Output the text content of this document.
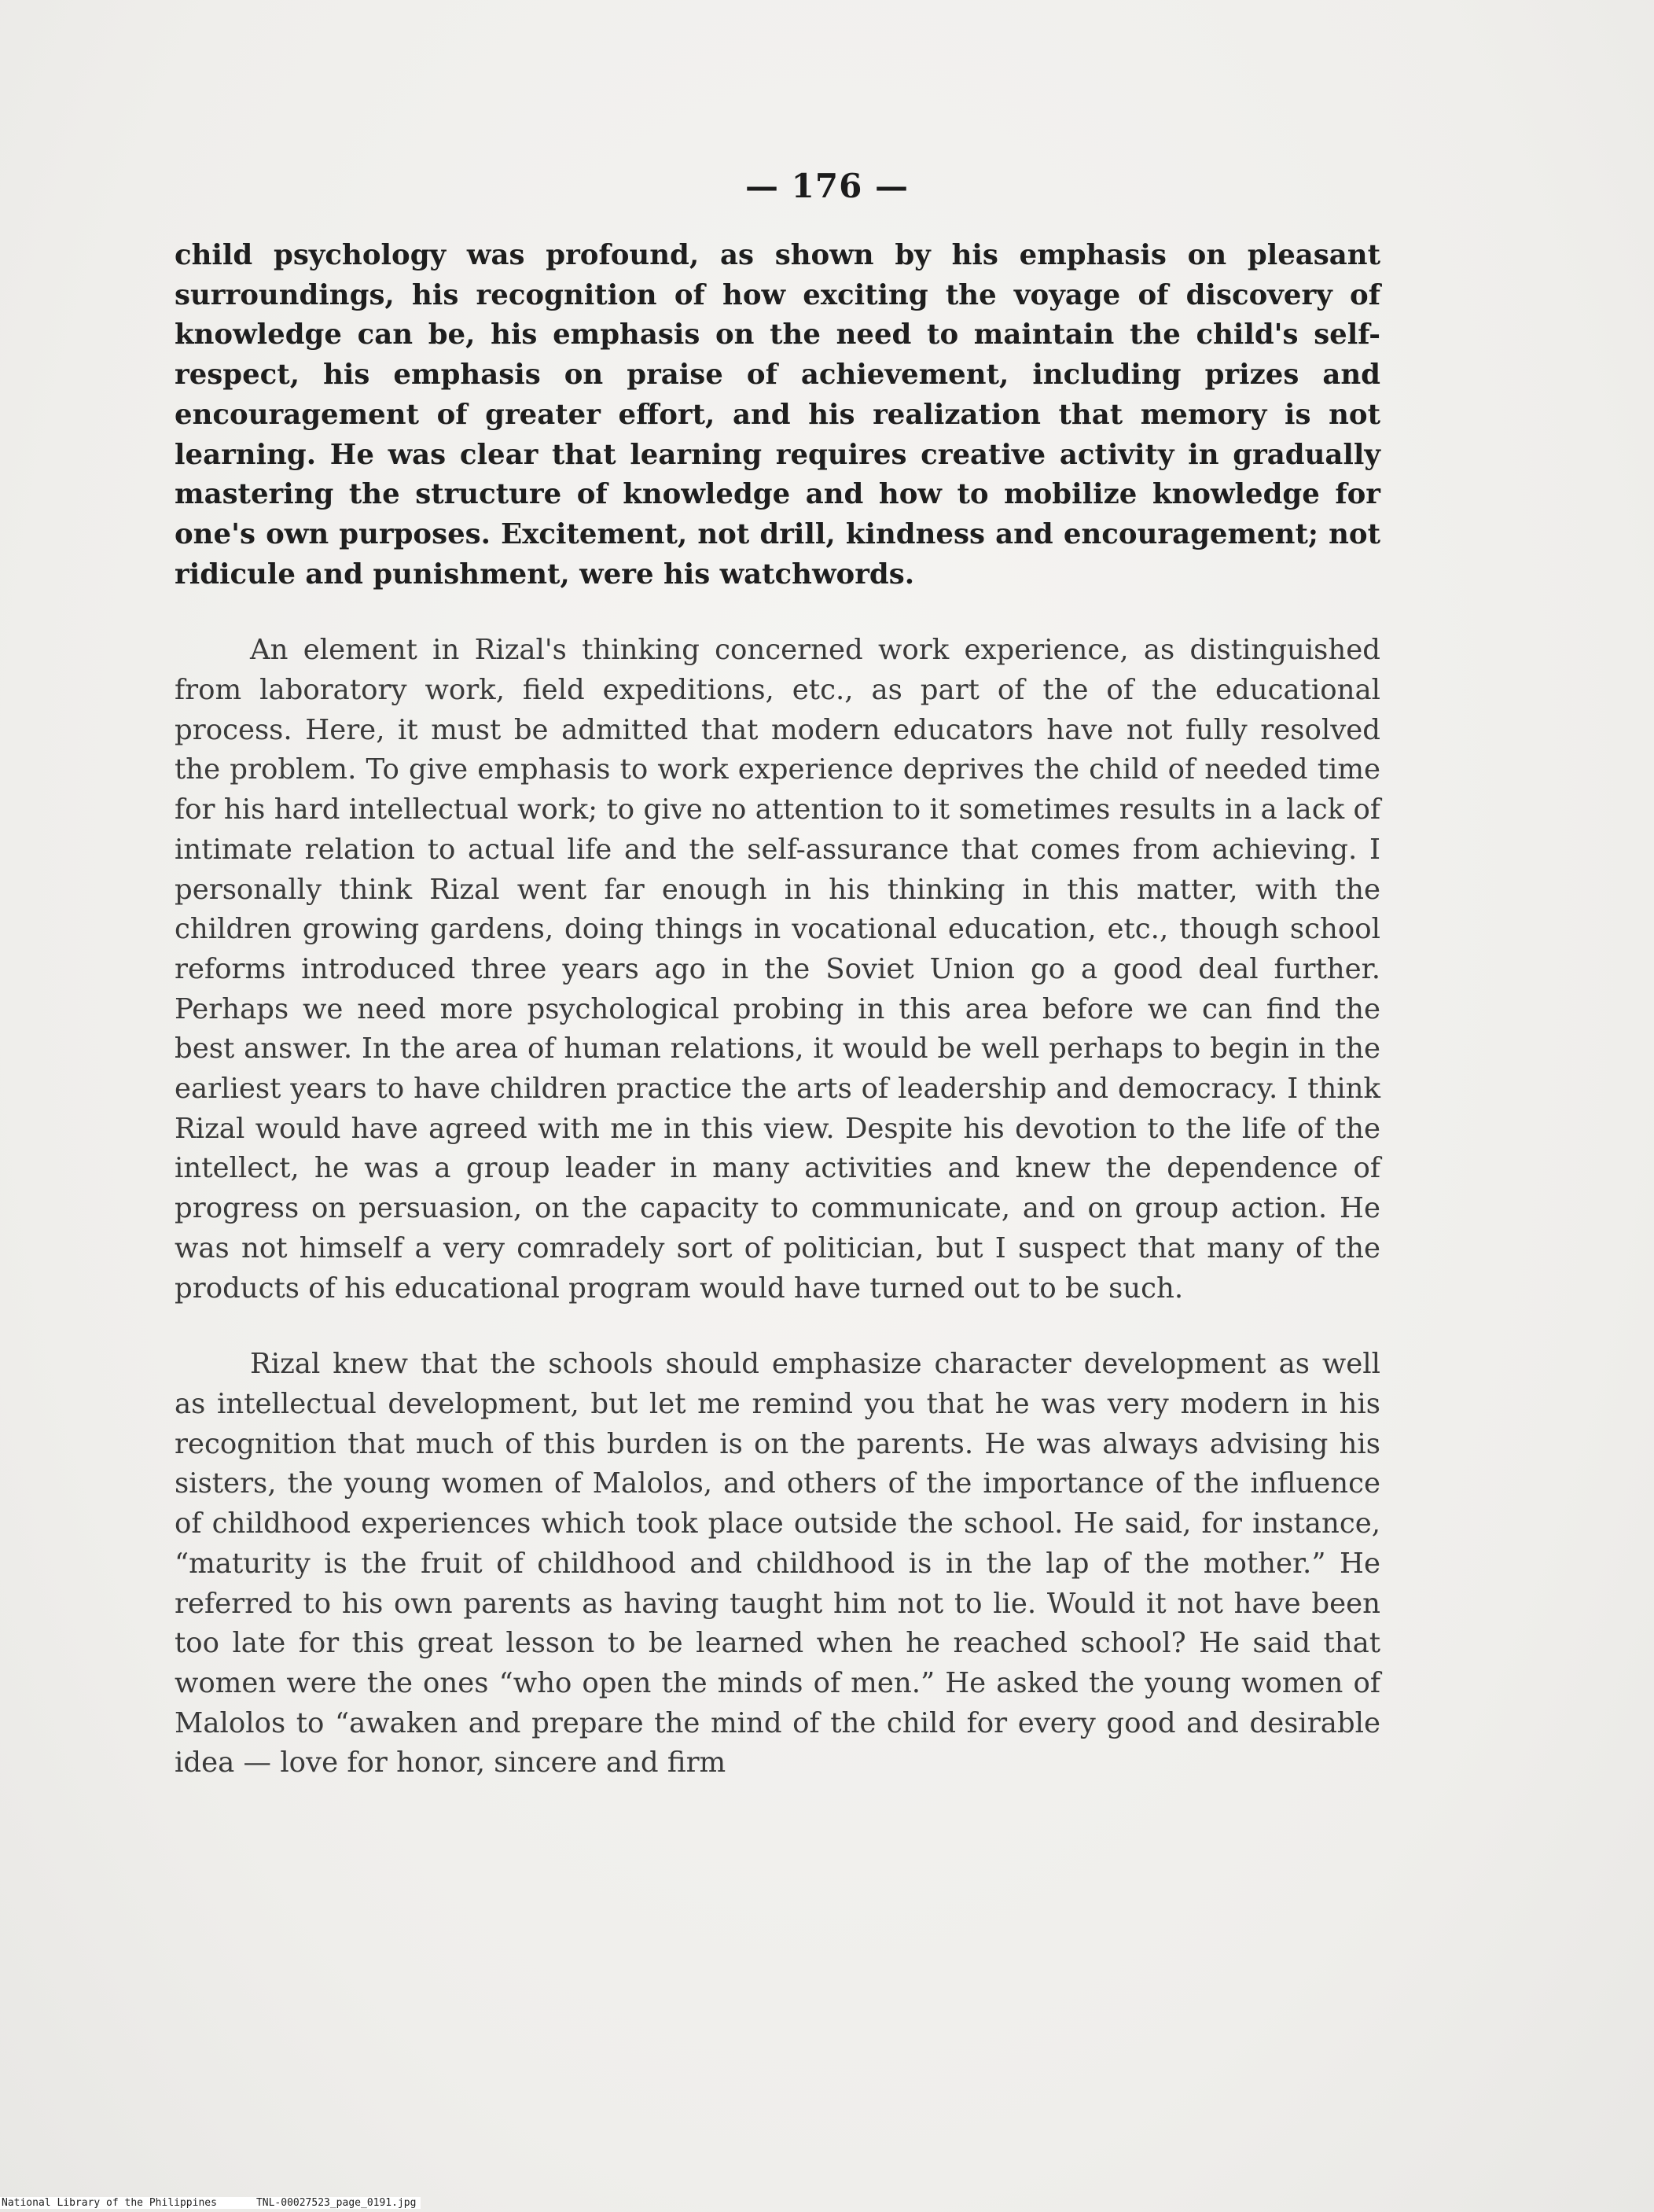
— 176 —

child psychology was profound, as shown by his emphasis on pleasant surroundings, his recognition of how exciting the voyage of discovery of knowledge can be, his emphasis on the need to maintain the child's self-respect, his emphasis on praise of achievement, including prizes and encouragement of greater effort, and his realization that memory is not learning. He was clear that learning requires creative activity in gradually mastering the structure of knowledge and how to mobilize knowledge for one's own purposes. Excitement, not drill, kindness and encouragement; not ridicule and punishment, were his watchwords.

An element in Rizal's thinking concerned work experience, as distinguished from laboratory work, field expeditions, etc., as part of the of the educational process. Here, it must be admitted that modern educators have not fully resolved the problem. To give emphasis to work experience deprives the child of needed time for his hard intellectual work; to give no attention to it sometimes results in a lack of intimate relation to actual life and the self-assurance that comes from achieving. I personally think Rizal went far enough in his thinking in this matter, with the children growing gardens, doing things in vocational education, etc., though school reforms introduced three years ago in the Soviet Union go a good deal further. Perhaps we need more psychological probing in this area before we can find the best answer. In the area of human relations, it would be well perhaps to begin in the earliest years to have children practice the arts of leadership and democracy. I think Rizal would have agreed with me in this view. Despite his devotion to the life of the intellect, he was a group leader in many activities and knew the dependence of progress on persuasion, on the capacity to communicate, and on group action. He was not himself a very comradely sort of politician, but I suspect that many of the products of his educational program would have turned out to be such.

Rizal knew that the schools should emphasize character development as well as intellectual development, but let me remind you that he was very modern in his recognition that much of this burden is on the parents. He was always advising his sisters, the young women of Malolos, and others of the importance of the influence of childhood experiences which took place outside the school. He said, for instance, “maturity is the fruit of childhood and childhood is in the lap of the mother.” He referred to his own parents as having taught him not to lie. Would it not have been too late for this great lesson to be learned when he reached school? He said that women were the ones “who open the minds of men.” He asked the young women of Malolos to “awaken and prepare the mind of the child for every good and desirable idea — love for honor, sincere and firm

National Library of the Philippines	TNL-00027523_page_0191.jpg
